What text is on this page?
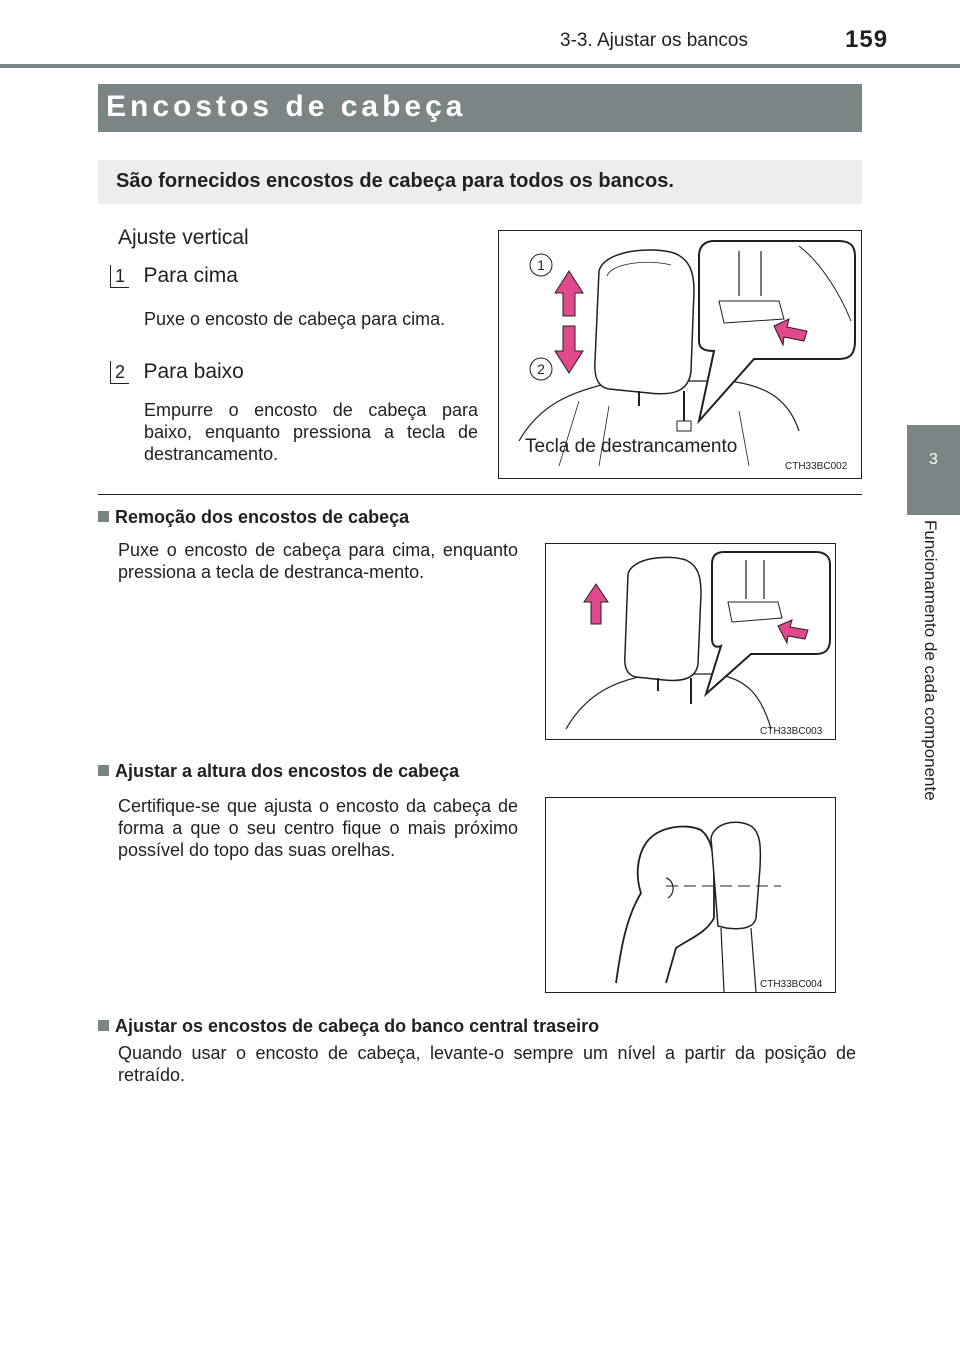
3-3. Ajustar os bancos	159
3
Funcionamento de cada componente
Encostos de cabeça
São fornecidos encostos de cabeça para todos os bancos.
Ajuste vertical
1 Para cima
Puxe o encosto de cabeça para cima.
2 Para baixo
Empurre o encosto de cabeça para baixo, enquanto pressiona a tecla de destrancamento.
1
2
Tecla de destrancamento
CTH33BC002
Remoção dos encostos de cabeça
Puxe o encosto de cabeça para cima, enquanto pressiona a tecla de destranca-mento.
CTH33BC003
Ajustar a altura dos encostos de cabeça
Certifique-se que ajusta o encosto da cabeça de forma a que o seu centro fique o mais próximo possível do topo das suas orelhas.
CTH33BC004
Ajustar os encostos de cabeça do banco central traseiro
Quando usar o encosto de cabeça, levante-o sempre um nível a partir da posição de retraído.
